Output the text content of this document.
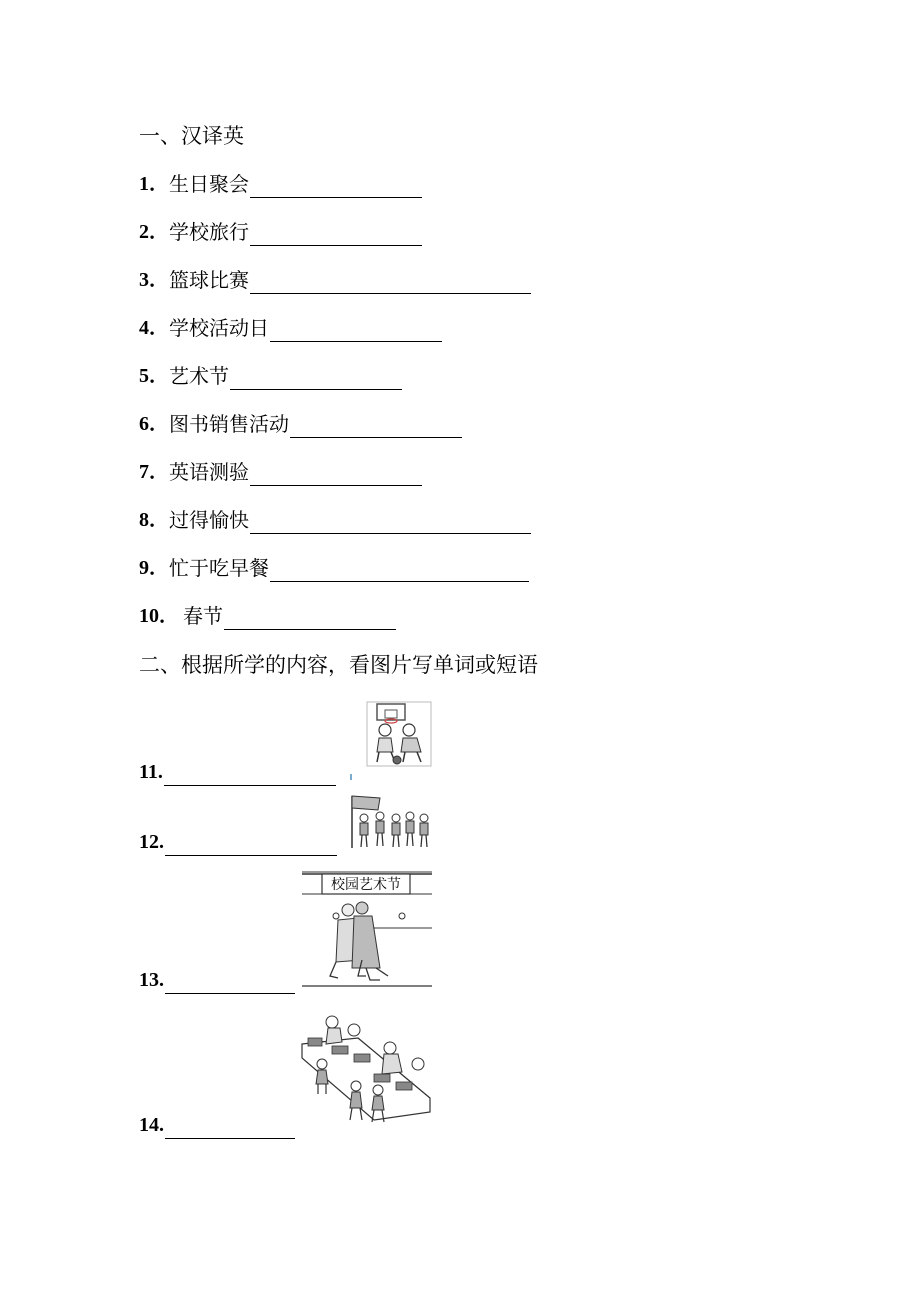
一、汉译英
1． 生日聚会
2． 学校旅行
3． 篮球比赛
4． 学校活动日
5． 艺术节
6． 图书销售活动
7． 英语测验
8． 过得愉快
9． 忙于吃早餐
10． 春节
二、根据所学的内容，看图片写单词或短语
11.
12.
13.
校园艺术节
14.
